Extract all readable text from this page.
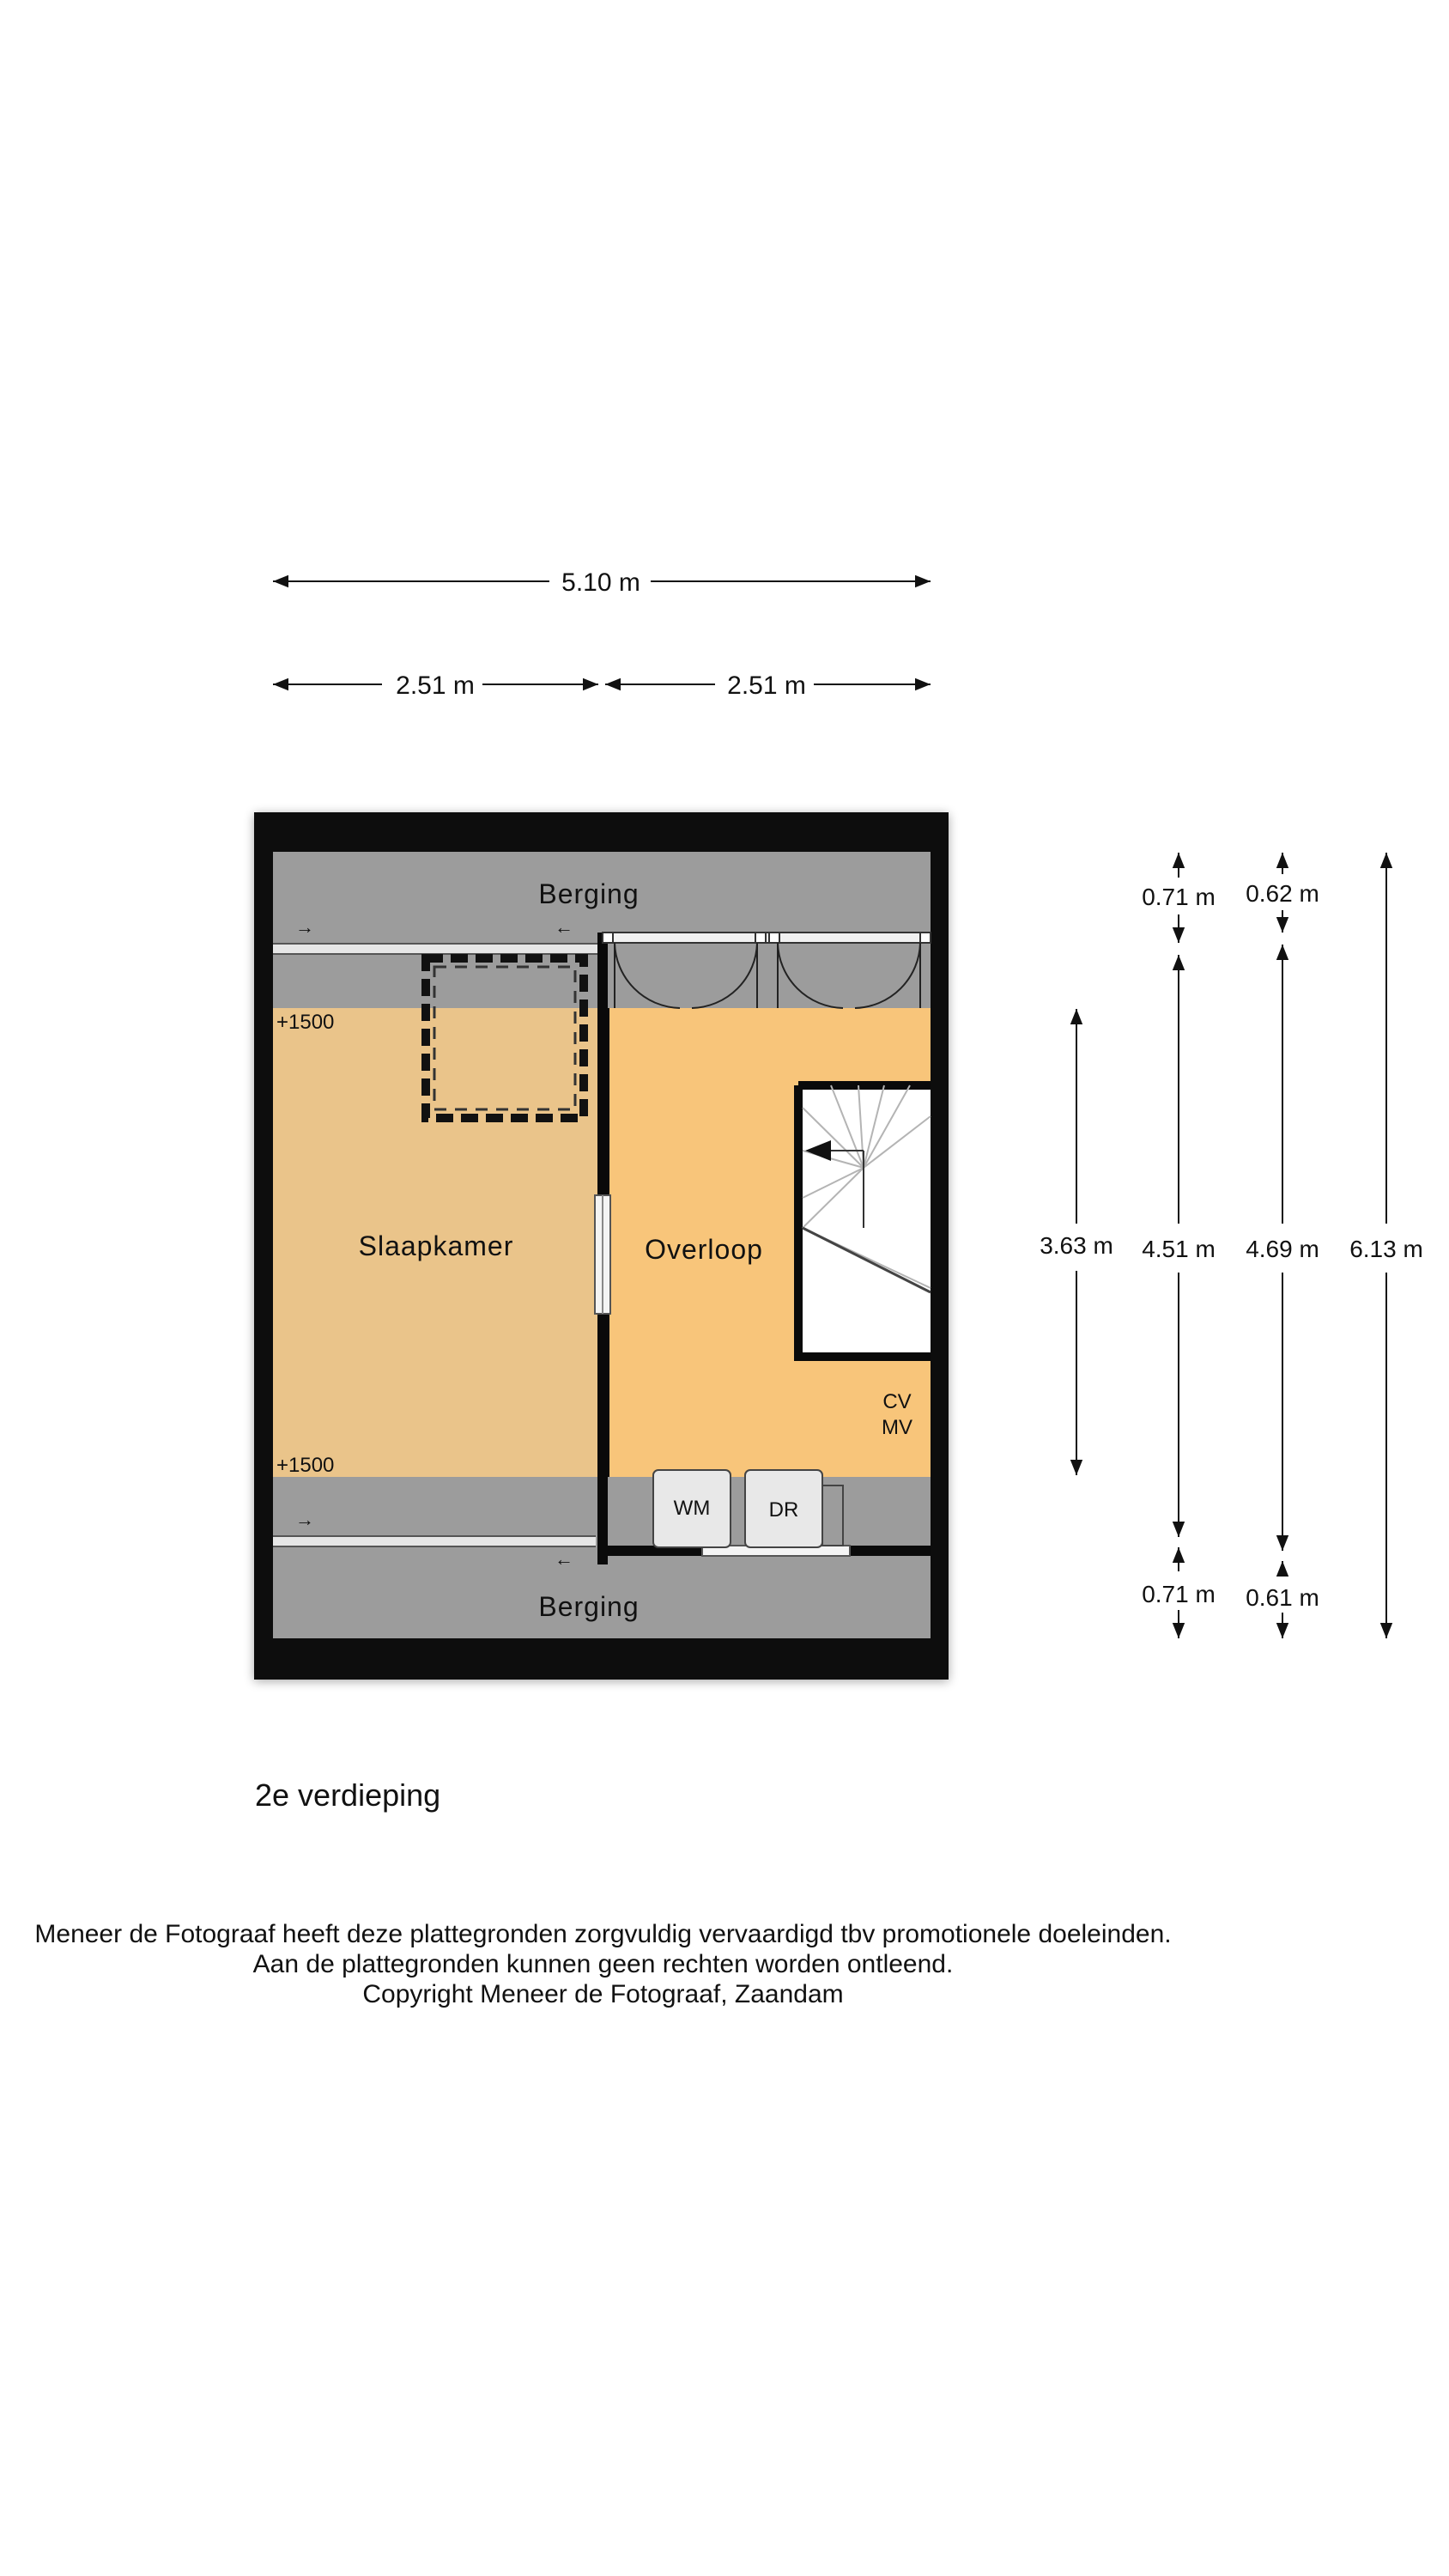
5.10 m
2.51 m	2.51 m
→	←
→
←
WM	DR
Berging
Berging
Slaapkamer	Overloop
+1500
+1500
CV
MV
3.63 m
0.71 m
4.51 m
0.71 m
0.62 m
4.69 m
0.61 m
6.13 m
2e verdieping
Meneer de Fotograaf heeft deze plattegronden zorgvuldig vervaardigd tbv promotionele doeleinden.
Aan de plattegronden kunnen geen rechten worden ontleend.
Copyright Meneer de Fotograaf, Zaandam
